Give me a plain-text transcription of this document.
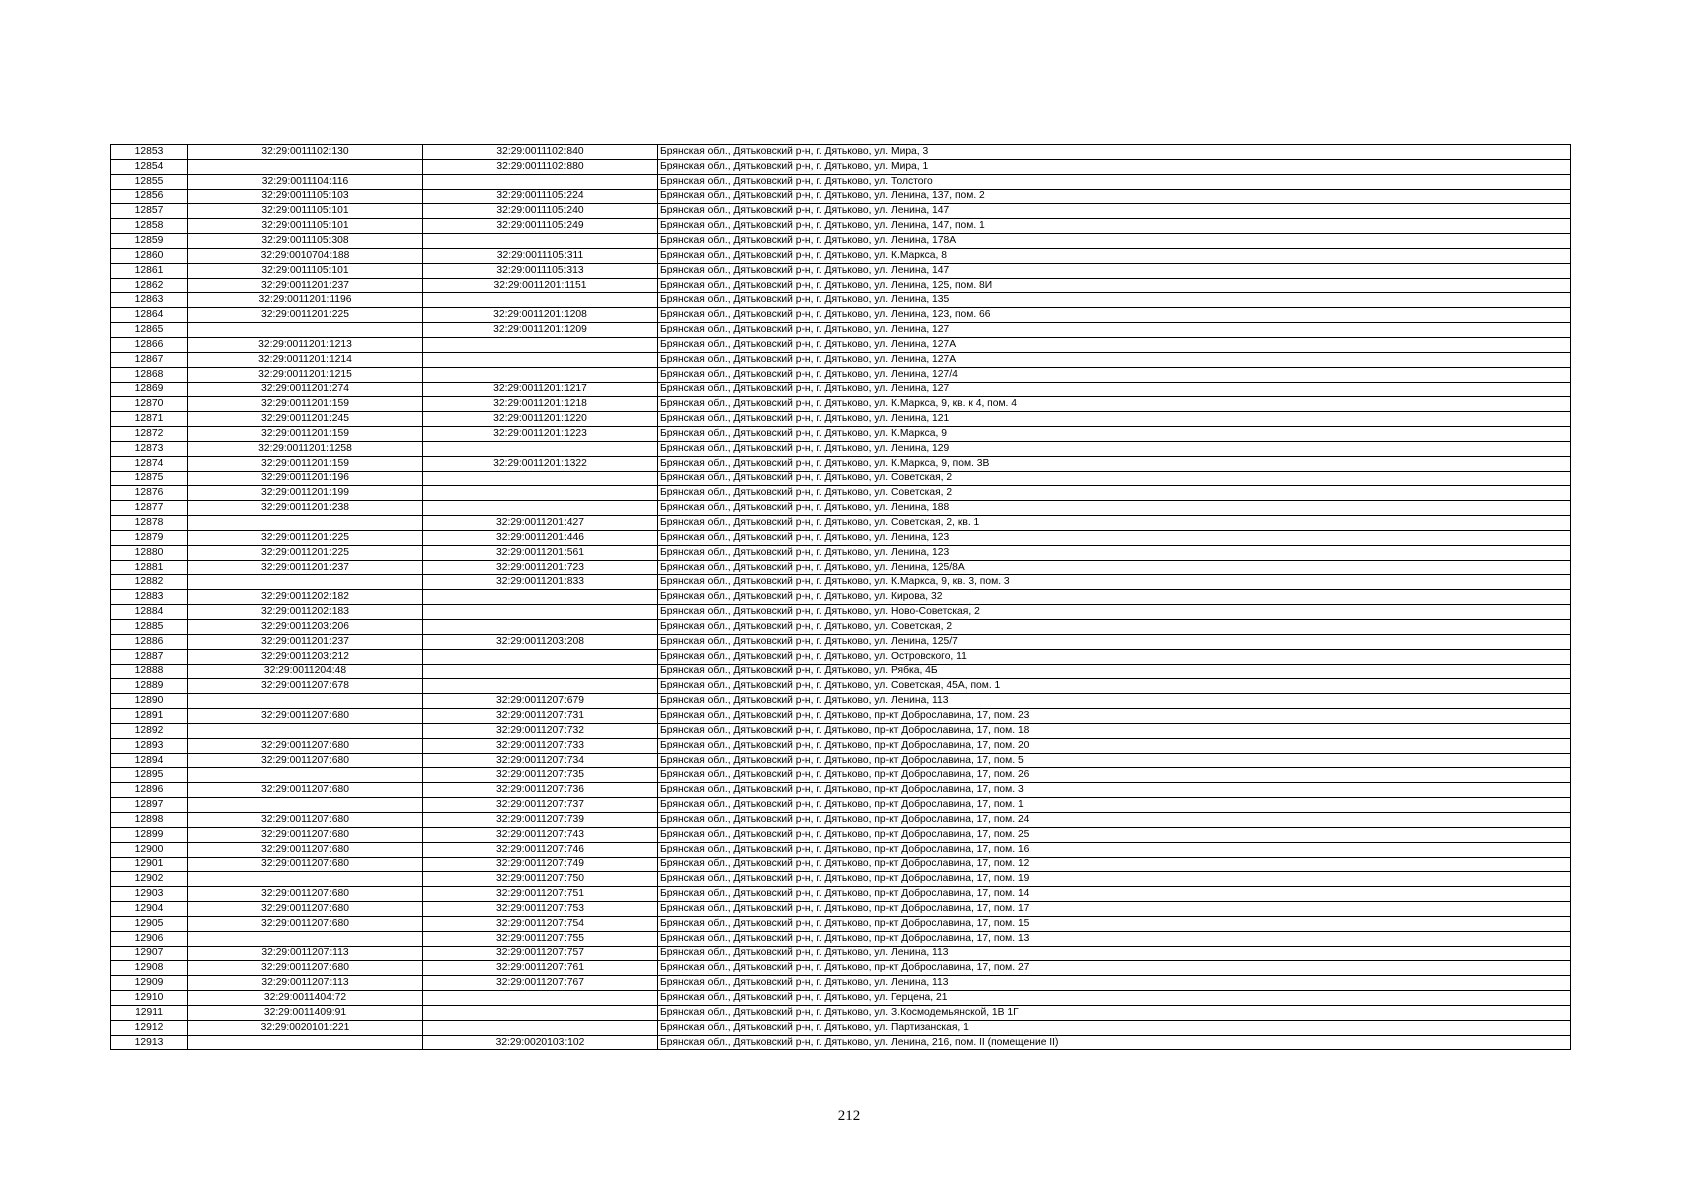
12853	32:29:0011102:130	32:29:0011102:840	Брянская обл., Дятьковский р-н, г. Дятьково, ул. Мира, 3
12854		32:29:0011102:880	Брянская обл., Дятьковский р-н, г. Дятьково, ул. Мира, 1
12855	32:29:0011104:116		Брянская обл., Дятьковский р-н, г. Дятьково, ул. Толстого
12856	32:29:0011105:103	32:29:0011105:224	Брянская обл., Дятьковский р-н, г. Дятьково, ул. Ленина, 137, пом. 2
12857	32:29:0011105:101	32:29:0011105:240	Брянская обл., Дятьковский р-н, г. Дятьково, ул. Ленина, 147
12858	32:29:0011105:101	32:29:0011105:249	Брянская обл., Дятьковский р-н, г. Дятьково, ул. Ленина, 147, пом. 1
12859	32:29:0011105:308		Брянская обл., Дятьковский р-н, г. Дятьково, ул. Ленина, 178А
12860	32:29:0010704:188	32:29:0011105:311	Брянская обл., Дятьковский р-н, г. Дятьково, ул. К.Маркса, 8
12861	32:29:0011105:101	32:29:0011105:313	Брянская обл., Дятьковский р-н, г. Дятьково, ул. Ленина, 147
12862	32:29:0011201:237	32:29:0011201:1151	Брянская обл., Дятьковский р-н, г. Дятьково, ул. Ленина, 125, пом. 8И
12863	32:29:0011201:1196		Брянская обл., Дятьковский р-н, г. Дятьково, ул. Ленина, 135
12864	32:29:0011201:225	32:29:0011201:1208	Брянская обл., Дятьковский р-н, г. Дятьково, ул. Ленина, 123, пом. 66
12865		32:29:0011201:1209	Брянская обл., Дятьковский р-н, г. Дятьково, ул. Ленина, 127
12866	32:29:0011201:1213		Брянская обл., Дятьковский р-н, г. Дятьково, ул. Ленина, 127А
12867	32:29:0011201:1214		Брянская обл., Дятьковский р-н, г. Дятьково, ул. Ленина, 127А
12868	32:29:0011201:1215		Брянская обл., Дятьковский р-н, г. Дятьково, ул. Ленина, 127/4
12869	32:29:0011201:274	32:29:0011201:1217	Брянская обл., Дятьковский р-н, г. Дятьково, ул. Ленина, 127
12870	32:29:0011201:159	32:29:0011201:1218	Брянская обл., Дятьковский р-н, г. Дятьково, ул. К.Маркса, 9, кв. к 4, пом. 4
12871	32:29:0011201:245	32:29:0011201:1220	Брянская обл., Дятьковский р-н, г. Дятьково, ул. Ленина, 121
12872	32:29:0011201:159	32:29:0011201:1223	Брянская обл., Дятьковский р-н, г. Дятьково, ул. К.Маркса, 9
12873	32:29:0011201:1258		Брянская обл., Дятьковский р-н, г. Дятьково, ул. Ленина, 129
12874	32:29:0011201:159	32:29:0011201:1322	Брянская обл., Дятьковский р-н, г. Дятьково, ул. К.Маркса, 9, пом. 3В
12875	32:29:0011201:196		Брянская обл., Дятьковский р-н, г. Дятьково, ул. Советская, 2
12876	32:29:0011201:199		Брянская обл., Дятьковский р-н, г. Дятьково, ул. Советская, 2
12877	32:29:0011201:238		Брянская обл., Дятьковский р-н, г. Дятьково, ул. Ленина, 188
12878		32:29:0011201:427	Брянская обл., Дятьковский р-н, г. Дятьково, ул. Советская, 2, кв. 1
12879	32:29:0011201:225	32:29:0011201:446	Брянская обл., Дятьковский р-н, г. Дятьково, ул. Ленина, 123
12880	32:29:0011201:225	32:29:0011201:561	Брянская обл., Дятьковский р-н, г. Дятьково, ул. Ленина, 123
12881	32:29:0011201:237	32:29:0011201:723	Брянская обл., Дятьковский р-н, г. Дятьково, ул. Ленина, 125/8А
12882		32:29:0011201:833	Брянская обл., Дятьковский р-н, г. Дятьково, ул. К.Маркса, 9, кв. 3, пом. 3
12883	32:29:0011202:182		Брянская обл., Дятьковский р-н, г. Дятьково, ул. Кирова, 32
12884	32:29:0011202:183		Брянская обл., Дятьковский р-н, г. Дятьково, ул. Ново-Советская, 2
12885	32:29:0011203:206		Брянская обл., Дятьковский р-н, г. Дятьково, ул. Советская, 2
12886	32:29:0011201:237	32:29:0011203:208	Брянская обл., Дятьковский р-н, г. Дятьково, ул. Ленина, 125/7
12887	32:29:0011203:212		Брянская обл., Дятьковский р-н, г. Дятьково, ул. Островского, 11
12888	32:29:0011204:48		Брянская обл., Дятьковский р-н, г. Дятьково, ул. Рябка, 4Б
12889	32:29:0011207:678		Брянская обл., Дятьковский р-н, г. Дятьково, ул. Советская, 45А, пом. 1
12890		32:29:0011207:679	Брянская обл., Дятьковский р-н, г. Дятьково, ул. Ленина, 113
12891	32:29:0011207:680	32:29:0011207:731	Брянская обл., Дятьковский р-н, г. Дятьково, пр-кт Доброславина, 17, пом. 23
12892		32:29:0011207:732	Брянская обл., Дятьковский р-н, г. Дятьково, пр-кт Доброславина, 17, пом. 18
12893	32:29:0011207:680	32:29:0011207:733	Брянская обл., Дятьковский р-н, г. Дятьково, пр-кт Доброславина, 17, пом. 20
12894	32:29:0011207:680	32:29:0011207:734	Брянская обл., Дятьковский р-н, г. Дятьково, пр-кт Доброславина, 17, пом. 5
12895		32:29:0011207:735	Брянская обл., Дятьковский р-н, г. Дятьково, пр-кт Доброславина, 17, пом. 26
12896	32:29:0011207:680	32:29:0011207:736	Брянская обл., Дятьковский р-н, г. Дятьково, пр-кт Доброславина, 17, пом. 3
12897		32:29:0011207:737	Брянская обл., Дятьковский р-н, г. Дятьково, пр-кт Доброславина, 17, пом. 1
12898	32:29:0011207:680	32:29:0011207:739	Брянская обл., Дятьковский р-н, г. Дятьково, пр-кт Доброславина, 17, пом. 24
12899	32:29:0011207:680	32:29:0011207:743	Брянская обл., Дятьковский р-н, г. Дятьково, пр-кт Доброславина, 17, пом. 25
12900	32:29:0011207:680	32:29:0011207:746	Брянская обл., Дятьковский р-н, г. Дятьково, пр-кт Доброславина, 17, пом. 16
12901	32:29:0011207:680	32:29:0011207:749	Брянская обл., Дятьковский р-н, г. Дятьково, пр-кт Доброславина, 17, пом. 12
12902		32:29:0011207:750	Брянская обл., Дятьковский р-н, г. Дятьково, пр-кт Доброславина, 17, пом. 19
12903	32:29:0011207:680	32:29:0011207:751	Брянская обл., Дятьковский р-н, г. Дятьково, пр-кт Доброславина, 17, пом. 14
12904	32:29:0011207:680	32:29:0011207:753	Брянская обл., Дятьковский р-н, г. Дятьково, пр-кт Доброславина, 17, пом. 17
12905	32:29:0011207:680	32:29:0011207:754	Брянская обл., Дятьковский р-н, г. Дятьково, пр-кт Доброславина, 17, пом. 15
12906		32:29:0011207:755	Брянская обл., Дятьковский р-н, г. Дятьково, пр-кт Доброславина, 17, пом. 13
12907	32:29:0011207:113	32:29:0011207:757	Брянская обл., Дятьковский р-н, г. Дятьково, ул. Ленина, 113
12908	32:29:0011207:680	32:29:0011207:761	Брянская обл., Дятьковский р-н, г. Дятьково, пр-кт Доброславина, 17, пом. 27
12909	32:29:0011207:113	32:29:0011207:767	Брянская обл., Дятьковский р-н, г. Дятьково, ул. Ленина, 113
12910	32:29:0011404:72		Брянская обл., Дятьковский р-н, г. Дятьково, ул. Герцена, 21
12911	32:29:0011409:91		Брянская обл., Дятьковский р-н, г. Дятьково, ул. З.Космодемьянской, 1В 1Г
12912	32:29:0020101:221		Брянская обл., Дятьковский р-н, г. Дятьково, ул. Партизанская, 1
12913		32:29:0020103:102	Брянская обл., Дятьковский р-н, г. Дятьково, ул. Ленина, 216, пом. II (помещение II)
212
